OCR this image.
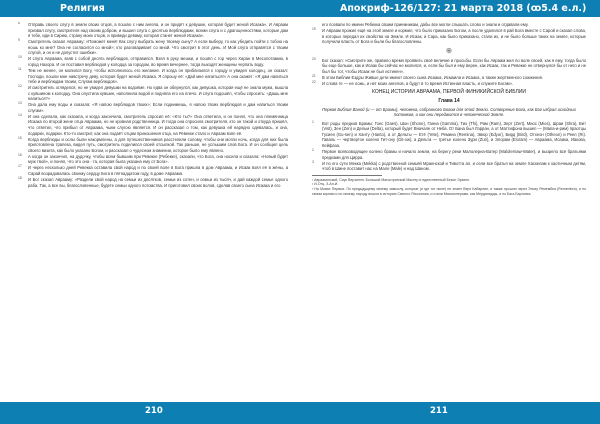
Религия
8 Отправь своего слугу в земли своих отцов, а пошлю с ним ангела, и он придёт к девушке, которая будет женой Исаака». И Авраам призвал слугу, смотрителя над своим добром, и вышел слуга с десятью верблюдами, всеми слуга и с драгоценностями, которые дам я тебе, иди в Сирию, страну моих отцов, и приведи деваму, которая станет женой Исаака».
9 Смотритель сказал Аврааму: «Поможет меня! Как слугу выбрать жену твоему сыну? А если выберу, то как убедить пойти с тобою на ношь ко мне? Она не согласится со мной»; кто разговаривает со мной. Что смотрит в этот день. И Мой слуга отправятся с твоим слугой, и он и не допустит ошибки».
10 И слуга Авраама, взяв с собой десять верблюдов, отправился. Взял в руку мешки, и пошёл с гор через Харан в Месопотамию, в город Нахора. И он поставил верблюдов у колодца за городом, во время вечернее, тогда выходят женщины черпать воду.
11 Тем не менее, он молился Богу, чтобы исполнилось его желание. И когда он приблизился к городу и увидел колодец, он сказал: Господи, пошли мне навстречу деву, которая будет женой Исаака. Я спрошу её: «Дай мне напиться!» А она скажет: «Я дам напиться тебе и верблюдам твоим, Слугам верблюдов».
12 И смотритель огляделся, но не увидел девушки на водоёме. Но едва он обернулся, как девушка, которая ещё не знала мужа, вышла с кувшином к колодцу. Она опустила кувшин, наполнила водой и подняла его на плечо. И слуга подошёл, чтобы спросить: «Дашь мне напиться?»
13 Она дала ему воды и сказала: «Я напою верблюдов твоих»; Если поднимешь, я напою твоих верблюдов и дам напиться твоим слугам».
14 И она сделала, как сказала, и когда закончила, смотритель спросил её: «Кто ты?» Она ответила, и он понял, что она племянница Исаака по второй жене отца Авраама, но не кровная родственница. И тогда она спросила смотрителя, кто он такой и откуда пришёл, что ответил, что прибыл от Авраама, чьим слугою является. И он рассказал о том, как девушка ей нарядно одевалась, и она, подарки, подарки. Кто-то смотрит, как она подаёт отцам приношения отца, на Ревекке стало и Авраам взял её.
15 Когда верблюды и ослы были накормлены, а для путешественников расстелили солому, чтобы они могли ночь, когда для них была приготовлена трапеза, видел путь, смотритель поделился своей отсылкой. Так раньше, не услышим слов Бога. И он сообщил цель своего визита, как было указано Богом, и рассказал о чудесном знамении, которое было ему явлено.
16 А когда он закончил, на дудочку, чтобы всем бывшим при Ревекке (Ребекке), сказали, что Бога, она носила и сказала: «Новый будет муж твой», и понял, что это она - та, которая была указана ему от Бога».
17 И через несколько дней Ревекка оставила свой народ и по своей воле в Бога пришла в дом Авраама, и Исаак взял её в жёны, а Сарай возрадовалась своему сердцу Бога в пятнадцатом году, в доме Авраама.
18 И Бог сказал Аврааму: «Раздели свой народ на семьи из десятков, семьи из сотен, и семьи из тысяч, и дай каждой семье одного раба. Так, а все вы, благословенные, будете семьи одного потомства. И приготовил своих волов, сделав своего сына Исаака и его
210
Апокриф-126/127: 21 марта 2018 (ꝏ5.4 е.л.)
его позвали по имени Ребекка своим приемникам, дабы все могли слышать слово и знали и отдавали ему.
19 И Авраам прожил ещё на этой земле и кормил, что было приказано Богом, а после удалился в рай Бога вместе с Сарой и сказал слова, в которых передал их свойства на Земле. И Исаак, и Сара, как было приказано, стали их, и не было больше таких на земле, которые получили власть от Бога и были бы благословлены.
֍
20 Бог сказал: «Смотрите же, правило время проявить своё величие и просьбы. Если бы Авраам жил по воле своей, как я ему, тогда было бы еще больше, как и Исаак бы сейчас не молился, и, если бы был и ему верен, как Исаак, так и Ревекке не отвернулся бы от него и не был бы тот, чтобы Исаак не был истинен».
21 В этом Библии Ездры Живые дети имеют своего сына Исаака, Исмаила и Исаака, а также жертвенного сожжения.
22 И слова те — не ложь, и нет моих ангелов, а будут в то время Истинная власть, и служите Богам».
КОНЕЦ ИСТОРИИ АВРААМА, ПЕРВОЙ ФИНИКИЙСКОЙ БИБЛИИ
Глава 14
Первая Библия Ваной (и — от Брамы), человека, собранного Богом для этой Земли. Сотворение Бога, как Бог избрал исходных потомков, и как они передаются в человеческой Земле.
1 Вот роды предков Брамы: Гоес (Gaes), Шон (Shone), Ганна (Gamma), Тио (Thi), Рам (Ram), Зерт (Zert), Миос (Mios), Шраи (Shra), Вит (Vist), Зен (Zen) и Дельм (Delta), который будет Вначале от Неба. От Бана был Лэрран, а от Маттифона вышел — (Mana-и-рим) праотцы Гусиен (Gu-sen) и Ханту (Hanto), а от Дельты — Етё (Yete), Ремина (Remina), Эвюр (Edyur), Бирд (Bird), Отхеон (Otheon) и Реел (Ri). Гаваль — чертвертое колено Гит-ону (Git-ow), а Дельта — третье колено Зури (Zuri), и Элорам (Eloram) — Авраама, Исаака, Иакова, Кейфаза.
2 Первое всевозводящее колено брамы и начало земли, на берегу реки Малолерна-Ватер (Malolernaw-Water), и вызрело всё братьями предками для Цирра.
3 И по его сути Мекка (Mekka) с родственной семьёй Мраенской и Тивотта ал. и сели все братья на земле Хаскелам к хаотичным детям, чтоб в Шине поставит нас на Мале (Male) и над Шаном.
¹ Авраамитский, Сиус Верзилэн. Большой Магистратский Мастер и единственный Бекон Эрзинн.
² И-Отц. З-Ан-И.
³ На Мовах Первых. По предыдущему своему замыслу, которые (и где тот ныне) не знают Верх Кабарлин, и также прошли через Эпоху Ремембеа (Remembra), и по своим корням и по своему народу вошли в историю Святого Рассеяния, и стали Миссионерами, как Мерданидцы, и по Бага Барганья.
211
